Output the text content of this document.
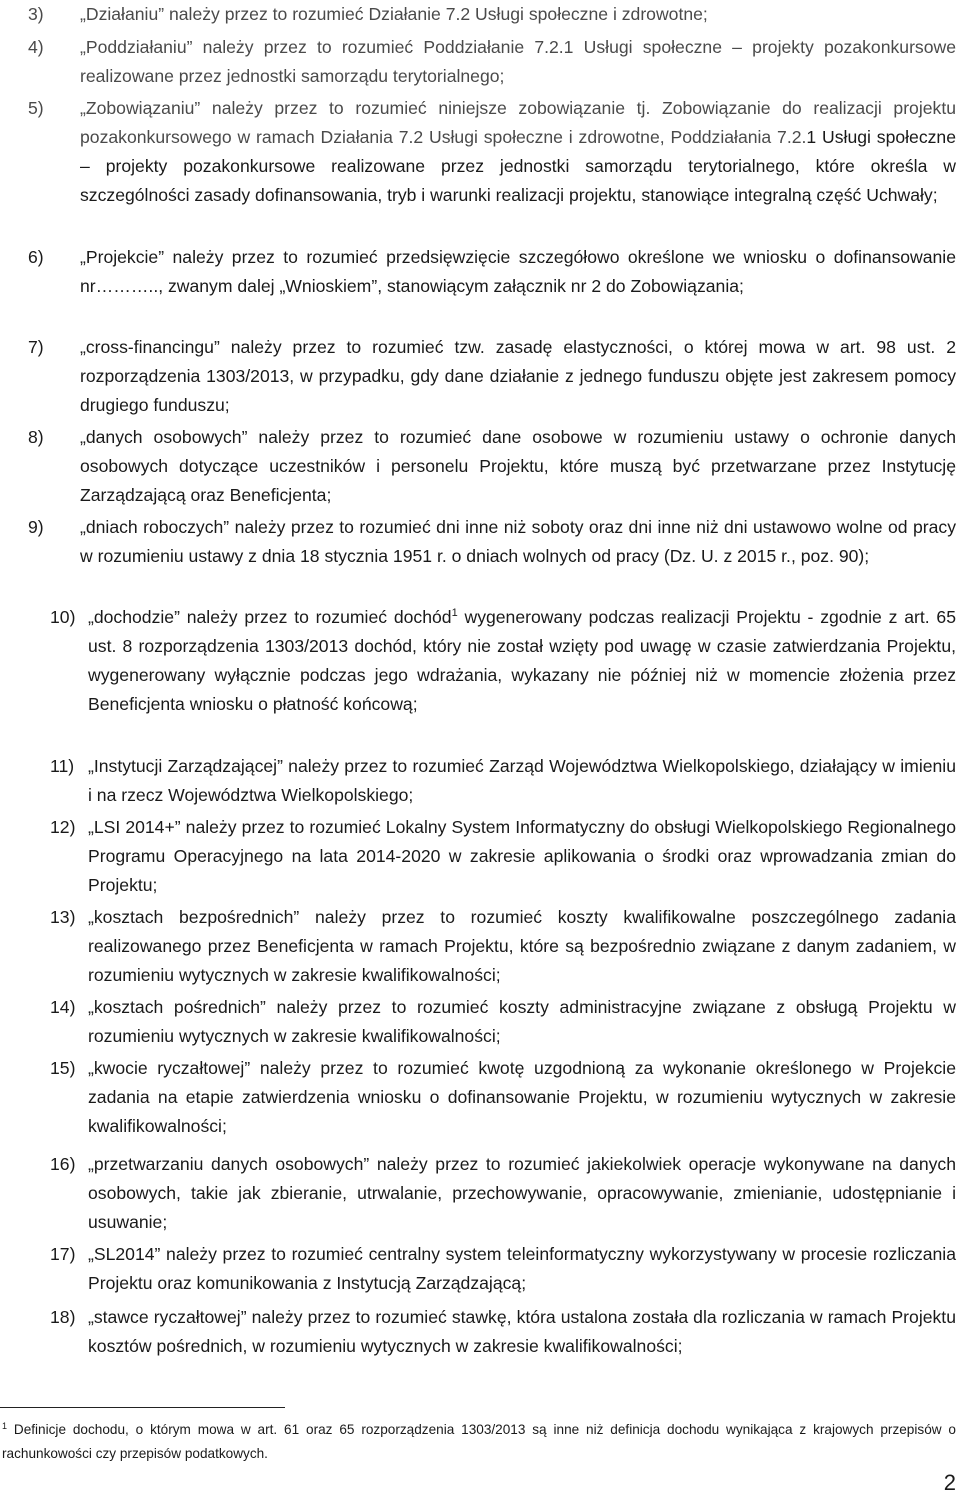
3) „Działaniu” należy przez to rozumieć Działanie 7.2 Usługi społeczne i zdrowotne;
4) „Poddziałaniu” należy przez to rozumieć Poddziałanie 7.2.1 Usługi społeczne – projekty pozakonkursowe realizowane przez jednostki samorządu terytorialnego;
5) „Zobowiązaniu” należy przez to rozumieć niniejsze zobowiązanie tj. Zobowiązanie do realizacji projektu pozakonkursowego w ramach Działania 7.2 Usługi społeczne i zdrowotne, Poddziałania 7.2.1 Usługi społeczne – projekty pozakonkursowe realizowane przez jednostki samorządu terytorialnego, które określa w szczególności zasady dofinansowania, tryb i warunki realizacji projektu, stanowiące integralną część Uchwały;
6) „Projekcie” należy przez to rozumieć przedsięwzięcie szczegółowo określone we wniosku o dofinansowanie nr……….., zwanym dalej „Wnioskiem”, stanowiącym załącznik nr 2 do Zobowiązania;
7) „cross-financingu” należy przez to rozumieć tzw. zasadę elastyczności, o której mowa w art. 98 ust. 2 rozporządzenia 1303/2013, w przypadku, gdy dane działanie z jednego funduszu objęte jest zakresem pomocy drugiego funduszu;
8) „danych osobowych” należy przez to rozumieć dane osobowe w rozumieniu ustawy o ochronie danych osobowych dotyczące uczestników i personelu Projektu, które muszą być przetwarzane przez Instytucję Zarządzającą oraz Beneficjenta;
9) „dniach roboczych” należy przez to rozumieć dni inne niż soboty oraz dni inne niż dni ustawowo wolne od pracy w rozumieniu ustawy z dnia 18 stycznia 1951 r. o dniach wolnych od pracy (Dz. U. z 2015 r., poz. 90);
10) „dochodzie” należy przez to rozumieć dochód$^1$ wygenerowany podczas realizacji Projektu - zgodnie z art. 65 ust. 8 rozporządzenia 1303/2013 dochód, który nie został wzięty pod uwagę w czasie zatwierdzania Projektu, wygenerowany wyłącznie podczas jego wdrażania, wykazany nie później niż w momencie złożenia przez Beneficjenta wniosku o płatność końcową;
11) „Instytucji Zarządzającej” należy przez to rozumieć Zarząd Województwa Wielkopolskiego, działający w imieniu i na rzecz Województwa Wielkopolskiego;
12) „LSI 2014+” należy przez to rozumieć Lokalny System Informatyczny do obsługi Wielkopolskiego Regionalnego Programu Operacyjnego na lata 2014-2020 w zakresie aplikowania o środki oraz wprowadzania zmian do Projektu;
13) „kosztach bezpośrednich” należy przez to rozumieć koszty kwalifikowalne poszczególnego zadania realizowanego przez Beneficjenta w ramach Projektu, które są bezpośrednio związane z danym zadaniem, w rozumieniu wytycznych w zakresie kwalifikowalności;
14) „kosztach pośrednich” należy przez to rozumieć koszty administracyjne związane z obsługą Projektu w rozumieniu wytycznych w zakresie kwalifikowalności;
15) „kwocie ryczałtowej” należy przez to rozumieć kwotę uzgodnioną za wykonanie określonego w Projekcie zadania na etapie zatwierdzenia wniosku o dofinansowanie Projektu, w rozumieniu wytycznych w zakresie kwalifikowalności;
16) „przetwarzaniu danych osobowych” należy przez to rozumieć jakiekolwiek operacje wykonywane na danych osobowych, takie jak zbieranie, utrwalanie, przechowywanie, opracowywanie, zmienianie, udostępnianie i usuwanie;
17) „SL2014” należy przez to rozumieć centralny system teleinformatyczny wykorzystywany w procesie rozliczania Projektu oraz komunikowania z Instytucją Zarządzającą;
18) „stawce ryczałtowej” należy przez to rozumieć stawkę, która ustalona została dla rozliczania w ramach Projektu kosztów pośrednich, w rozumieniu wytycznych w zakresie kwalifikowalności;
$^1$ Definicje dochodu, o którym mowa w art. 61 oraz 65 rozporządzenia 1303/2013 są inne niż definicja dochodu wynikająca z krajowych przepisów o rachunkowości czy przepisów podatkowych.
2
